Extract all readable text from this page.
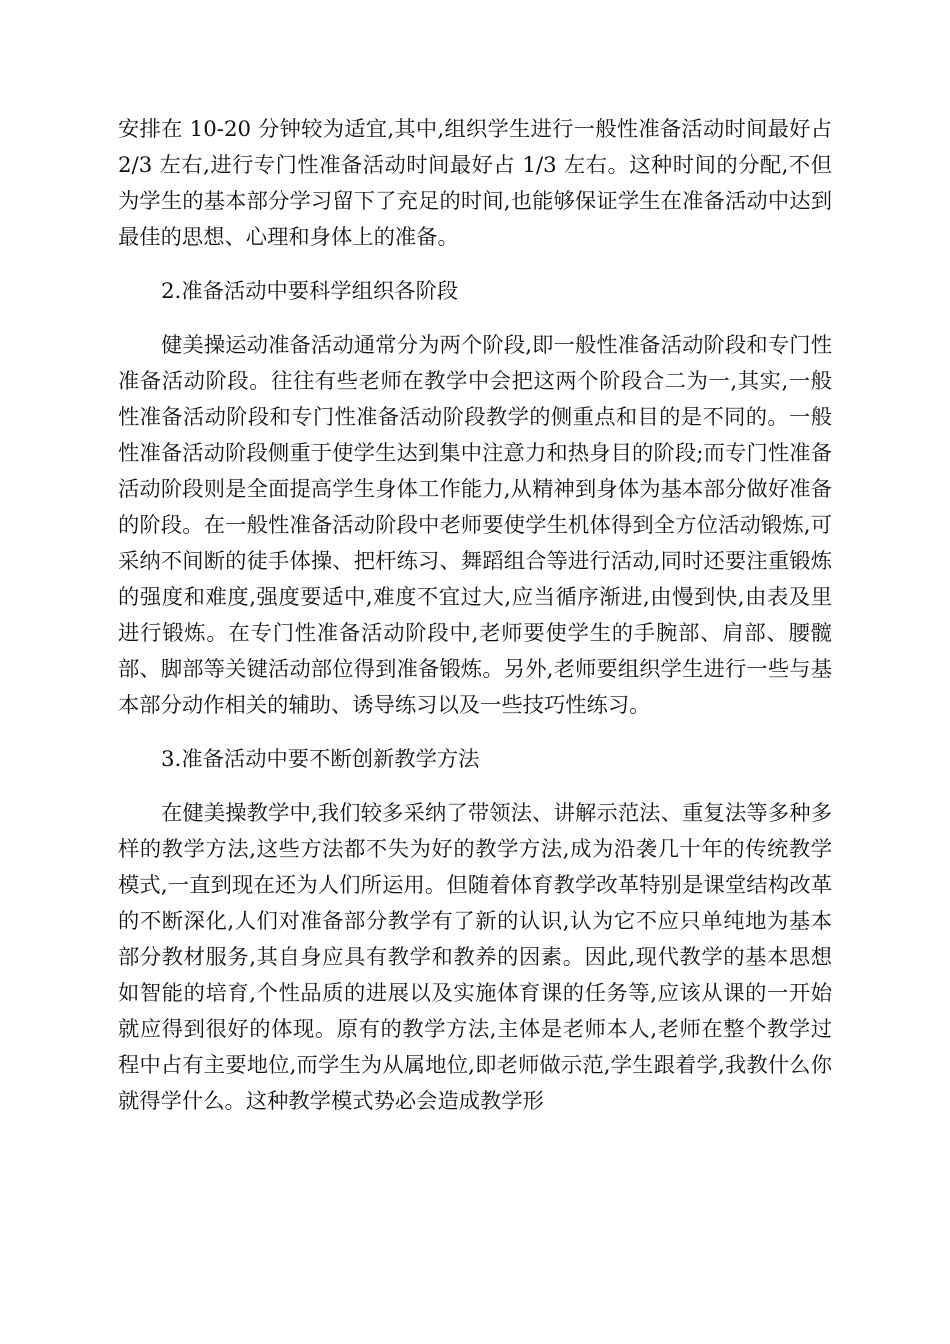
安排在 10-20 分钟较为适宜,其中,组织学生进行一般性准备活动时间最好占 2/3 左右,进行专门性准备活动时间最好占 1/3 左右。这种时间的分配,不但为学生的基本部分学习留下了充足的时间,也能够保证学生在准备活动中达到最佳的思想、心理和身体上的准备。

2.准备活动中要科学组织各阶段

健美操运动准备活动通常分为两个阶段,即一般性准备活动阶段和专门性准备活动阶段。往往有些老师在教学中会把这两个阶段合二为一,其实,一般性准备活动阶段和专门性准备活动阶段教学的侧重点和目的是不同的。一般性准备活动阶段侧重于使学生达到集中注意力和热身目的阶段;而专门性准备活动阶段则是全面提高学生身体工作能力,从精神到身体为基本部分做好准备的阶段。在一般性准备活动阶段中老师要使学生机体得到全方位活动锻炼,可采纳不间断的徒手体操、把杆练习、舞蹈组合等进行活动,同时还要注重锻炼的强度和难度,强度要适中,难度不宜过大,应当循序渐进,由慢到快,由表及里进行锻炼。在专门性准备活动阶段中,老师要使学生的手腕部、肩部、腰髋部、脚部等关键活动部位得到准备锻炼。另外,老师要组织学生进行一些与基本部分动作相关的辅助、诱导练习以及一些技巧性练习。

3.准备活动中要不断创新教学方法

在健美操教学中,我们较多采纳了带领法、讲解示范法、重复法等多种多样的教学方法,这些方法都不失为好的教学方法,成为沿袭几十年的传统教学模式,一直到现在还为人们所运用。但随着体育教学改革特别是课堂结构改革的不断深化,人们对准备部分教学有了新的认识,认为它不应只单纯地为基本部分教材服务,其自身应具有教学和教养的因素。因此,现代教学的基本思想如智能的培育,个性品质的进展以及实施体育课的任务等,应该从课的一开始就应得到很好的体现。原有的教学方法,主体是老师本人,老师在整个教学过程中占有主要地位,而学生为从属地位,即老师做示范,学生跟着学,我教什么你就得学什么。这种教学模式势必会造成教学形
